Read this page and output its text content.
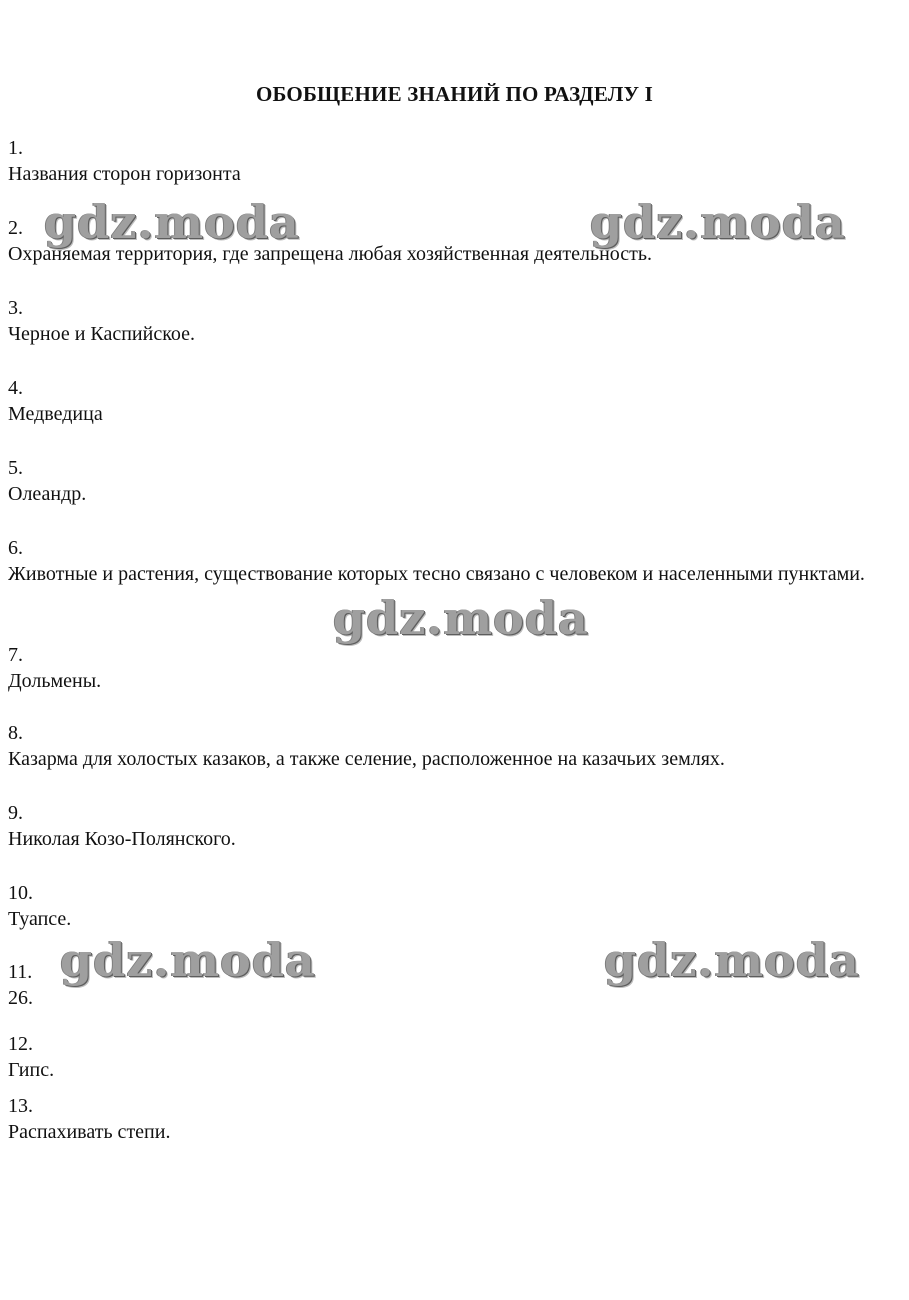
ОБОБЩЕНИЕ ЗНАНИЙ ПО РАЗДЕЛУ I
1.
Названия сторон горизонта
2.
Охраняемая территория, где запрещена любая хозяйственная деятельность.
3.
Черное и Каспийское.
4.
Медведица
5.
Олеандр.
6.
Животные и растения, существование которых тесно связано с человеком и населенными пунктами.
7.
Дольмены.
8.
Казарма для холостых казаков, а также селение, расположенное на казачьих землях.
9.
Николая Козо-Полянского.
10.
Туапсе.
11.
26.
12.
Гипс.
13.
Распахивать степи.
gdz.moda	gdz.moda
gdz.moda
gdz.moda	gdz.moda
